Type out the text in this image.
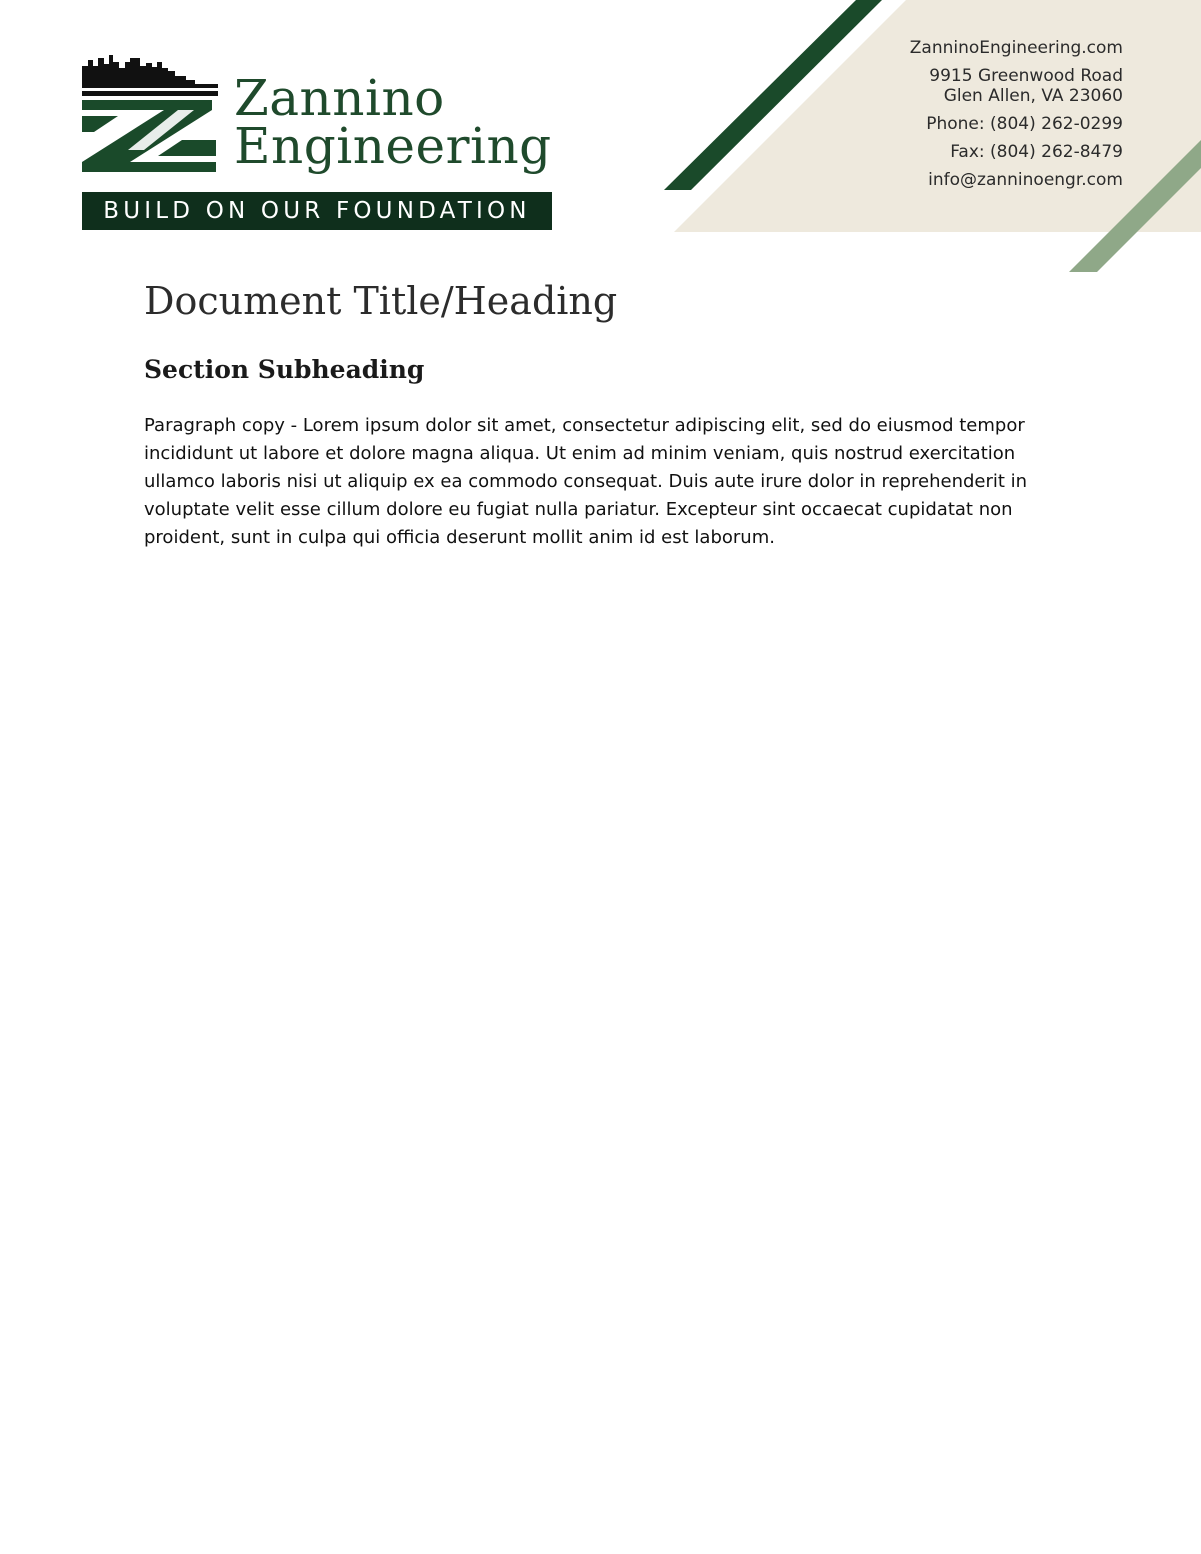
Zannino
Engineering
BUILD ON OUR FOUNDATION
ZanninoEngineering.com
9915 Greenwood Road
Glen Allen, VA 23060
Phone: (804) 262-0299
Fax: (804) 262-8479
info@zanninoengr.com
Document Title/Heading
Section Subheading

Paragraph copy - Lorem ipsum dolor sit amet, consectetur adipiscing elit, sed do eiusmod tempor incididunt ut labore et dolore magna aliqua. Ut enim ad minim veniam, quis nostrud exercitation ullamco laboris nisi ut aliquip ex ea commodo consequat. Duis aute irure dolor in reprehenderit in voluptate velit esse cillum dolore eu fugiat nulla pariatur. Excepteur sint occaecat cupidatat non proident, sunt in culpa qui officia deserunt mollit anim id est laborum.
